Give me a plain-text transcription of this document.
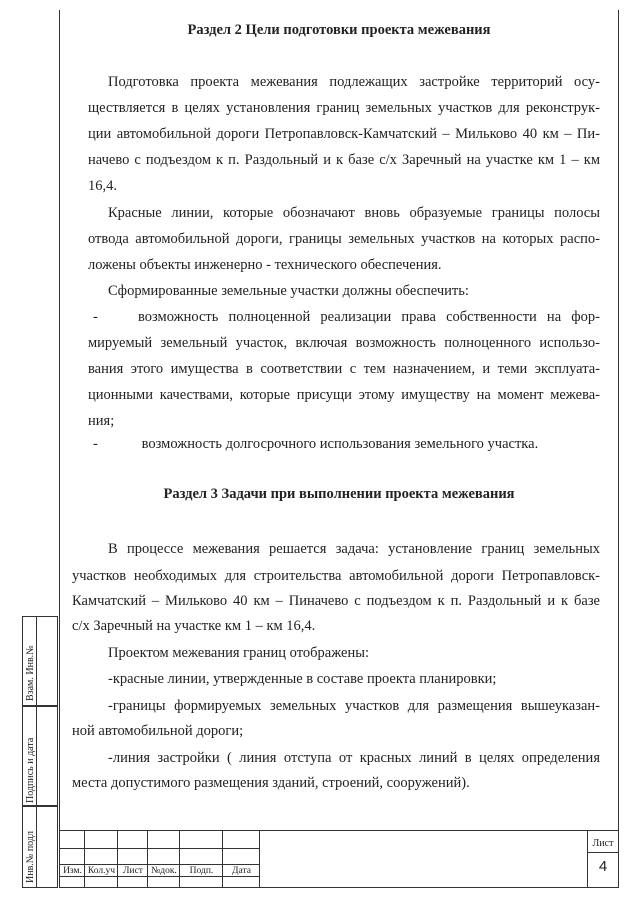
Раздел 2 Цели подготовки проекта межевания
Подготовка проекта межевания подлежащих застройке территорий осу-
ществляется в целях установления границ земельных участков для реконструк-
ции автомобильной дороги Петропавловск-Камчатский – Мильково 40 км – Пи-
начево с подъездом к п. Раздольный и к базе с/х Заречный на участке км 1 – км
16,4.
Красные линии, которые обозначают вновь образуемые границы полосы
отвода автомобильной дороги, границы земельных участков на которых распо-
ложены объекты инженерно - технического обеспечения.
Сформированные земельные участки должны обеспечить:
-	возможность полноценной реализации права собственности на фор-
мируемый земельный участок, включая возможность полноценного использо-
вания этого имущества в соответствии с тем назначением, и теми эксплуата-
ционными качествами, которые присущи этому имуществу на момент межева-
ния;
-	возможность долгосрочного использования земельного участка.
Раздел 3 Задачи при выполнении проекта межевания
В процессе межевания решается задача: установление границ земельных
участков необходимых для строительства автомобильной дороги Петропавловск-
Камчатский – Мильково 40 км – Пиначево с подъездом к п. Раздольный и к базе
с/х Заречный на участке км 1 – км 16,4.
Проектом межевания границ отображены:
-красные линии, утвержденные в составе проекта планировки;
-границы формируемых земельных участков для размещения вышеуказан-
ной автомобильной дороги;
-линия застройки ( линия отступа от красных линий в целях определения
места допустимого размещения зданий, строений, сооружений).
Взам. Инв.№
Подпись и дата
Инв.№ подл	Изм. Кол.уч Лист №док.	Подп.	Дата
Лист
4
